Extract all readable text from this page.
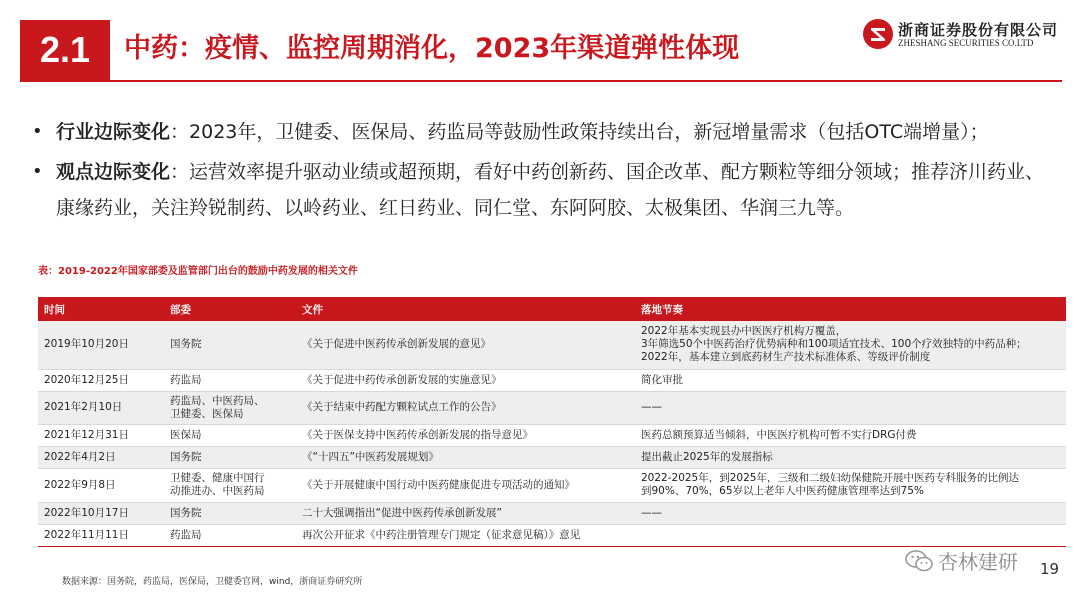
2.1	中药：疫情、监控周期消化，2023年渠道弹性体现
浙商证券股份有限公司
ZHESHANG SECURITIES CO.LTD
• 行业边际变化：2023年，卫健委、医保局、药监局等鼓励性政策持续出台，新冠增量需求（包括OTC端增量）；
• 观点边际变化：运营效率提升驱动业绩或超预期，看好中药创新药、国企改革、配方颗粒等细分领域；推荐济川药业、康缘药业，关注羚锐制药、以岭药业、红日药业、同仁堂、东阿阿胶、太极集团、华润三九等。
表：2019-2022年国家部委及监管部门出台的鼓励中药发展的相关文件
时间	部委	文件	落地节奏
2019年10月20日	国务院	《关于促进中医药传承创新发展的意见》	2022年基本实现县办中医医疗机构万覆盖，
3年筛选50个中医药治疗优势病种和100项适宜技术、100个疗效独特的中药品种；
2022年，基本建立到底药材生产技术标准体系、等级评价制度
2020年12月25日	药监局	《关于促进中药传承创新发展的实施意见》	简化审批
2021年2月10日	药监局、中医药局、
卫健委、医保局	《关于结束中药配方颗粒试点工作的公告》	——
2021年12月31日	医保局	《关于医保支持中医药传承创新发展的指导意见》	医药总额预算适当倾斜，中医医疗机构可暂不实行DRG付费
2022年4月2日	国务院	《“十四五”中医药发展规划》	提出截止2025年的发展指标
2022年9月8日	卫健委、健康中国行
动推进办、中医药局	《关于开展健康中国行动中医药健康促进专项活动的通知》	2022-2025年，到2025年，三级和二级妇幼保健院开展中医药专科服务的比例达
到90%、70%，65岁以上老年人中医药健康管理率达到75%
2022年10月17日	国务院	二十大强调指出“促进中医药传承创新发展”	——
2022年11月11日	药监局	再次公开征求《中药注册管理专门规定（征求意见稿）》意见	
数据来源：国务院，药监局，医保局，卫健委官网，wind，浙商证券研究所
杏林建研 19
